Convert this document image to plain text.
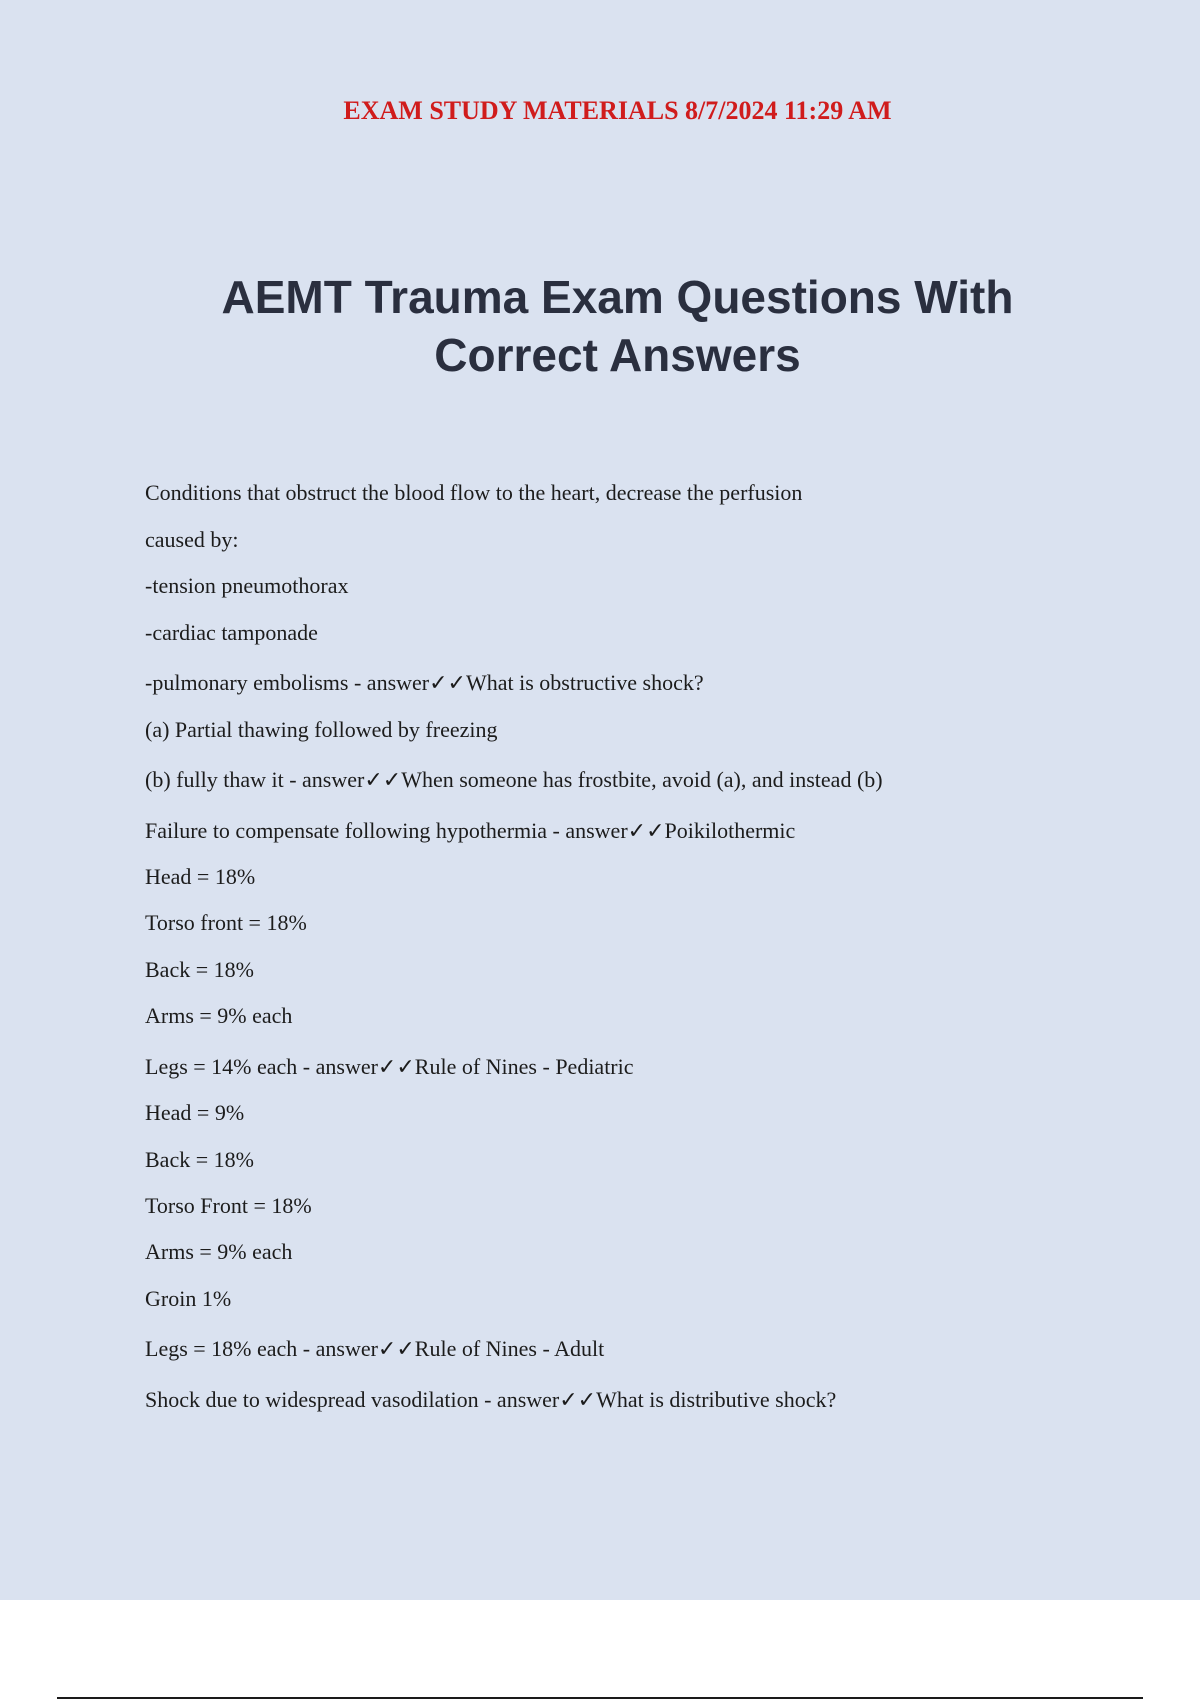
EXAM STUDY MATERIALS 8/7/2024 11:29 AM
AEMT Trauma Exam Questions With
Correct Answers
Conditions that obstruct the blood flow to the heart, decrease the perfusion
caused by:
-tension pneumothorax
-cardiac tamponade
-pulmonary embolisms - answer✓✓What is obstructive shock?
(a) Partial thawing followed by freezing
(b) fully thaw it - answer✓✓When someone has frostbite, avoid (a), and instead (b)
Failure to compensate following hypothermia - answer✓✓Poikilothermic
Head = 18%
Torso front = 18%
Back = 18%
Arms = 9% each
Legs = 14% each - answer✓✓Rule of Nines - Pediatric
Head = 9%
Back = 18%
Torso Front = 18%
Arms = 9% each
Groin 1%
Legs = 18% each - answer✓✓Rule of Nines - Adult
Shock due to widespread vasodilation - answer✓✓What is distributive shock?
